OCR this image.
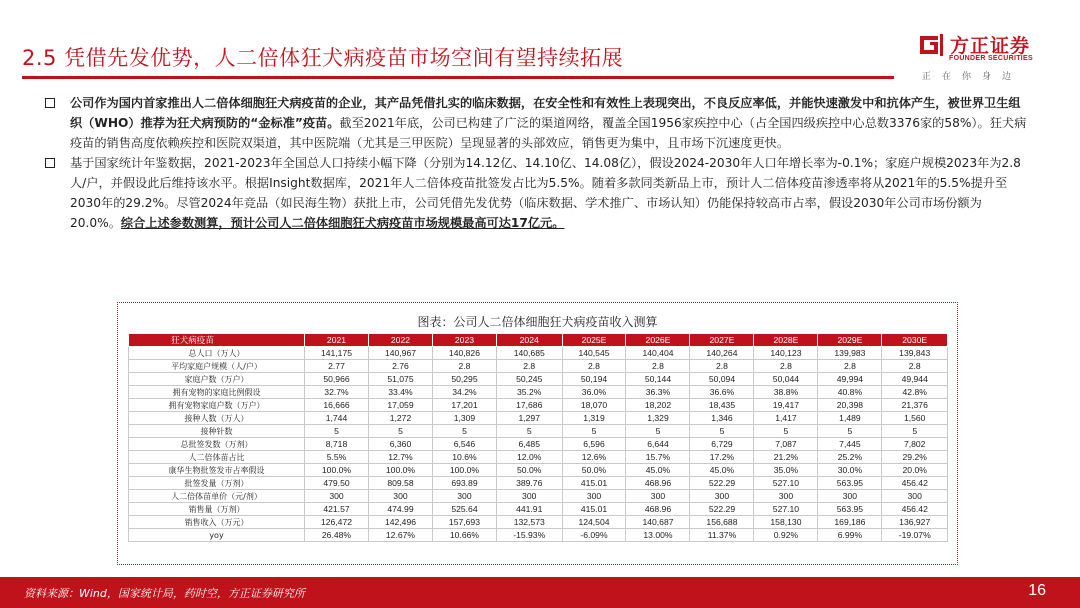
2.5 凭借先发优势，人二倍体狂犬病疫苗市场空间有望持续拓展	方正证券
FOUNDER SECURITIES
正在你身边
公司作为国内首家推出人二倍体细胞狂犬病疫苗的企业，其产品凭借扎实的临床数据，在安全性和有效性上表现突出，不良反应率低，并能快速激发中和抗体产生，被世界卫生组织（WHO）推荐为狂犬病预防的“金标准”疫苗。截至2021年底，公司已构建了广泛的渠道网络，覆盖全国1956家疾控中心（占全国四级疾控中心总数3376家的58%）。狂犬病疫苗的销售高度依赖疾控和医院双渠道，其中医院端（尤其是三甲医院）呈现显著的头部效应，销售更为集中，且市场下沉速度更快。
基于国家统计年鉴数据，2021-2023年全国总人口持续小幅下降（分别为14.12亿、14.10亿、14.08亿），假设2024-2030年人口年增长率为-0.1%；家庭户规模2023年为2.8人/户，并假设此后维持该水平。根据Insight数据库，2021年人二倍体疫苗批签发占比为5.5%。随着多款同类新品上市，预计人二倍体疫苗渗透率将从2021年的5.5%提升至2030年的29.2%。尽管2024年竞品（如民海生物）获批上市，公司凭借先发优势（临床数据、学术推广、市场认知）仍能保持较高市占率，假设2030年公司市场份额为20.0%。综合上述参数测算，预计公司人二倍体细胞狂犬病疫苗市场规模最高可达17亿元。
图表：公司人二倍体细胞狂犬病疫苗收入测算
狂犬病疫苗	2021	2022	2023	2024	2025E	2026E	2027E	2028E	2029E	2030E
总人口（万人）	141,175	140,967	140,826	140,685	140,545	140,404	140,264	140,123	139,983	139,843
平均家庭户规模（人/户）	2.77	2.76	2.8	2.8	2.8	2.8	2.8	2.8	2.8	2.8
家庭户数（万户）	50,966	51,075	50,295	50,245	50,194	50,144	50,094	50,044	49,994	49,944
拥有宠物的家庭比例假设	32.7%	33.4%	34.2%	35.2%	36.0%	36.3%	36.6%	38.8%	40.8%	42.8%
拥有宠物家庭户数（万户）	16,666	17,059	17,201	17,686	18,070	18,202	18,435	19,417	20,398	21,376
接种人数（万人）	1,744	1,272	1,309	1,297	1,319	1,329	1,346	1,417	1,489	1,560
接种针数	5	5	5	5	5	5	5	5	5	5
总批签发数（万剂）	8,718	6,360	6,546	6,485	6,596	6,644	6,729	7,087	7,445	7,802
人二倍体苗占比	5.5%	12.7%	10.6%	12.0%	12.6%	15.7%	17.2%	21.2%	25.2%	29.2%
康华生物批签发市占率假设	100.0%	100.0%	100.0%	50.0%	50.0%	45.0%	45.0%	35.0%	30.0%	20.0%
批签发量（万剂）	479.50	809.58	693.89	389.76	415.01	468.96	522.29	527.10	563.95	456.42
人二倍体苗单价（元/剂）	300	300	300	300	300	300	300	300	300	300
销售量（万剂）	421.57	474.99	525.64	441.91	415.01	468.96	522.29	527.10	563.95	456.42
销售收入（万元）	126,472	142,496	157,693	132,573	124,504	140,687	156,688	158,130	169,186	136,927
yoy	26.48%	12.67%	10.66%	-15.93%	-6.09%	13.00%	11.37%	0.92%	6.99%	-19.07%
资料来源：Wind，国家统计局，药时空，方正证券研究所	16
